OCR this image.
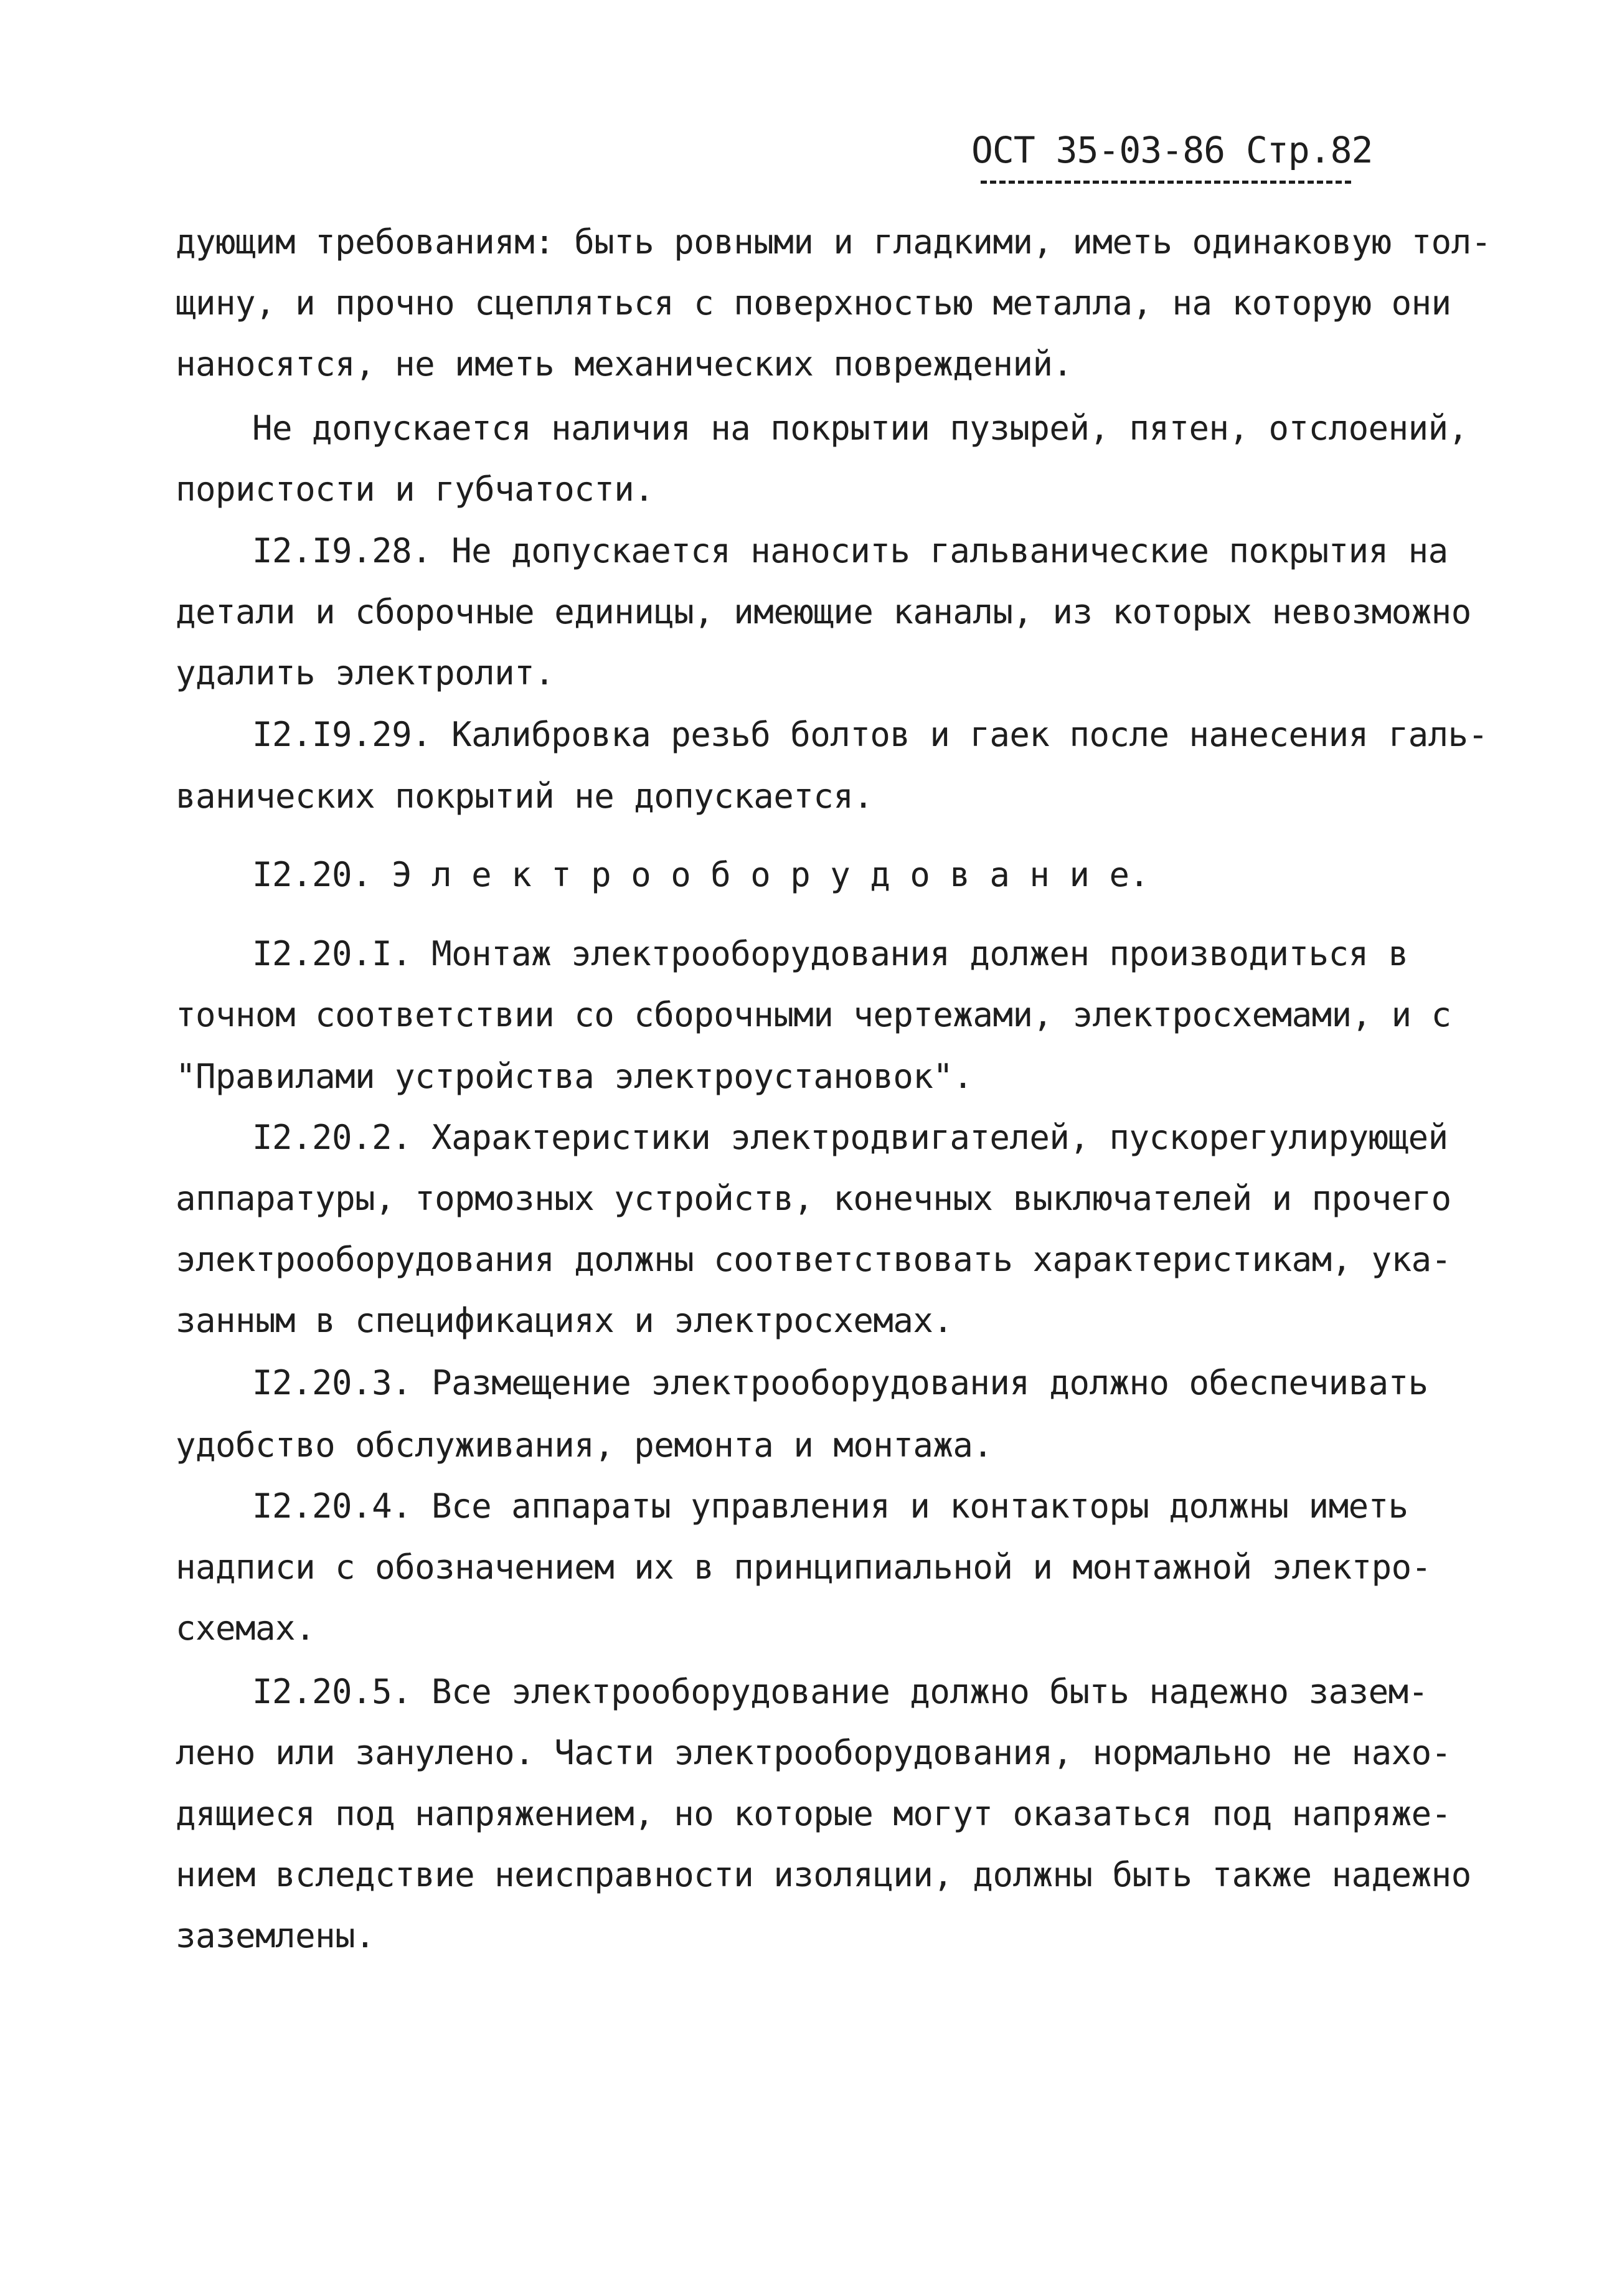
ОСТ 35-03-86 Стр.82
дующим требованиям: быть ровными и гладкими, иметь одинаковую тол-
щину, и прочно сцепляться с поверхностью металла, на которую они
наносятся, не иметь механических повреждений.
Не допускается наличия на покрытии пузырей, пятен, отслоений,
пористости и губчатости.
I2.I9.28. Не допускается наносить гальванические покрытия на
детали и сборочные единицы, имеющие каналы, из которых невозможно
удалить электролит.
I2.I9.29. Калибровка резьб болтов и гаек после нанесения галь-
ванических покрытий не допускается.
I2.20. Э л е к т р о о б о р у д о в а н и е.
I2.20.I. Монтаж электрооборудования должен производиться в
точном соответствии со сборочными чертежами, электросхемами, и с
"Правилами устройства электроустановок".
I2.20.2. Характеристики электродвигателей, пускорегулирующей
аппаратуры, тормозных устройств, конечных выключателей и прочего
электрооборудования должны соответствовать характеристикам, ука-
занным в спецификациях и электросхемах.
I2.20.3. Размещение электрооборудования должно обеспечивать
удобство обслуживания, ремонта и монтажа.
I2.20.4. Все аппараты управления и контакторы должны иметь
надписи с обозначением их в принципиальной и монтажной электро-
схемах.
I2.20.5. Все электрооборудование должно быть надежно зазем-
лено или занулено. Части электрооборудования, нормально не нахо-
дящиеся под напряжением, но которые могут оказаться под напряже-
нием вследствие неисправности изоляции, должны быть также надежно
заземлены.
